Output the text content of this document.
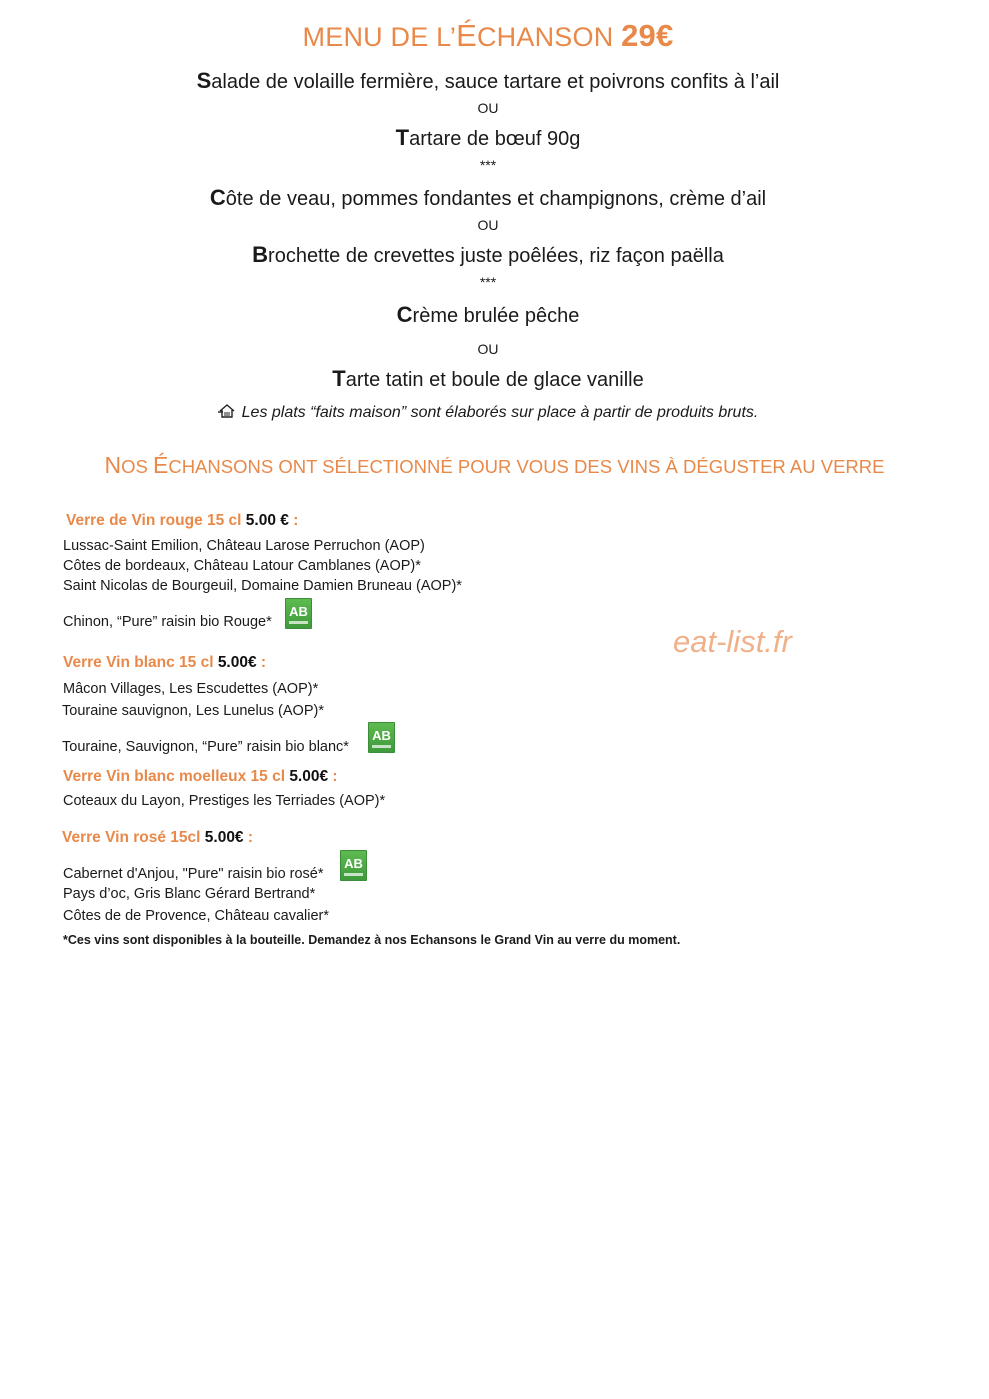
MENU DE L’ÉCHANSON 29€
Salade de volaille fermière, sauce tartare et poivrons confits à l’ail
OU
Tartare de bœuf 90g
***
Côte de veau, pommes fondantes et champignons, crème d’ail
OU
Brochette de crevettes juste poêlées, riz façon paëlla
***
Crème brulée pêche
OU
Tarte tatin et boule de glace vanille
Les plats “faits maison” sont élaborés sur place à partir de produits bruts.
NOS ÉCHANSONS ONT SÉLECTIONNÉ POUR VOUS DES VINS À DÉGUSTER AU VERRE
Verre de Vin rouge 15 cl 5.00 € :
Lussac-Saint Emilion, Château Larose Perruchon (AOP)
Côtes de bordeaux, Château Latour Camblanes (AOP)*
Saint Nicolas de Bourgeuil, Domaine Damien Bruneau (AOP)*
Chinon, “Pure” raisin bio Rouge*
AB
Verre Vin blanc 15 cl 5.00€ :
Mâcon Villages, Les Escudettes (AOP)*
Touraine sauvignon, Les Lunelus (AOP)*
Touraine, Sauvignon, “Pure” raisin bio blanc*
AB
Verre Vin blanc moelleux 15 cl 5.00€ :
Coteaux du Layon, Prestiges les Terriades (AOP)*
Verre Vin rosé 15cl 5.00€ :
Cabernet d'Anjou, "Pure" raisin bio rosé*
AB
Pays d’oc, Gris Blanc Gérard Bertrand*
Côtes de de Provence, Château cavalier*
*Ces vins sont disponibles à la bouteille. Demandez à nos Echansons le Grand Vin au verre du moment.
eat-list.fr
